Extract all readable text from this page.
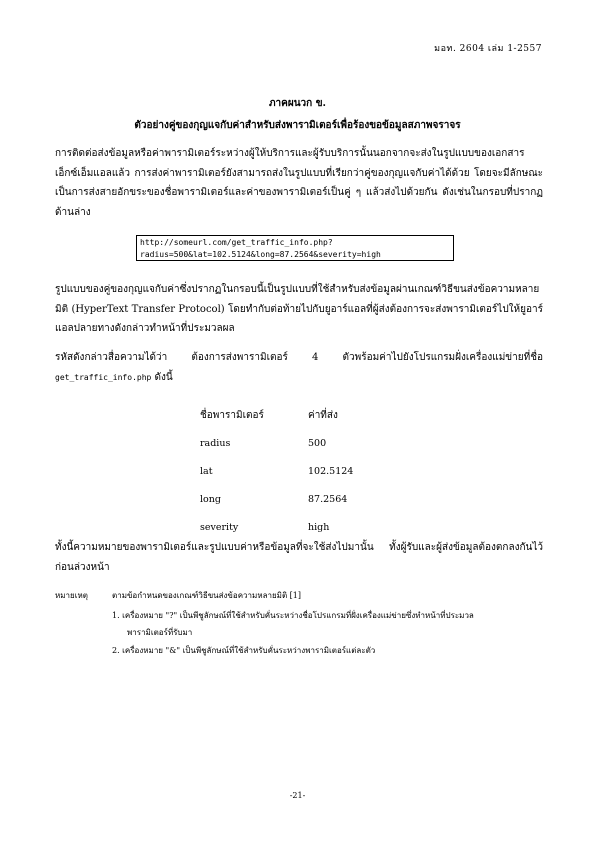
มอท. 2604 เล่ม 1-2557
ภาคผนวก ข.
ตัวอย่างคู่ของกุญแจกับค่าสำหรับส่งพารามิเตอร์เพื่อร้องขอข้อมูลสภาพจราจร
การติดต่อส่งข้อมูลหรือค่าพารามิเตอร์ระหว่างผู้ให้บริการและผู้รับบริการนั้นนอกจากจะส่งในรูปแบบของเอกสารเอ็กซ์เอ็มแอลแล้ว การส่งค่าพารามิเตอร์ยังสามารถส่งในรูปแบบที่เรียกว่าคู่ของกุญแจกับค่าได้ด้วย โดยจะมีลักษณะเป็นการส่งสายอักขระของชื่อพารามิเตอร์และค่าของพารามิเตอร์เป็นคู่ ๆ แล้วส่งไปด้วยกัน ดังเช่นในกรอบที่ปรากฏด้านล่าง
http://someurl.com/get_traffic_info.php?
radius=500&lat=102.5124&long=87.2564&severity=high
รูปแบบของคู่ของกุญแจกับค่าซึ่งปรากฏในกรอบนี้เป็นรูปแบบที่ใช้สำหรับส่งข้อมูลผ่านเกณฑ์วิธีขนส่งข้อความหลายมิติ (HyperText Transfer Protocol) โดยทำกับต่อท้ายไปกับยูอาร์แอลที่ผู้ส่งต้องการจะส่งพารามิเตอร์ไปให้ยูอาร์แอลปลายทางดังกล่าวทำหน้าที่ประมวลผล
รหัสดังกล่าวสื่อความได้ว่า ต้องการส่งพารามิเตอร์ 4 ตัวพร้อมค่าไปยังโปรแกรมฝั่งเครื่องแม่ข่ายที่ชื่อ get_traffic_info.php ดังนี้
ชื่อพารามิเตอร์	ค่าที่ส่ง
radius	500
lat	102.5124
long	87.2564
severity	high
ทั้งนี้ความหมายของพารามิเตอร์และรูปแบบค่าหรือข้อมูลที่จะใช้ส่งไปมานั้น ทั้งผู้รับและผู้ส่งข้อมูลต้องตกลงกันไว้ก่อนล่วงหน้า
หมายเหตุ	ตามข้อกำหนดของเกณฑ์วิธีขนส่งข้อความหลายมิติ [1]
1. เครื่องหมาย "?" เป็นพีชูลักษณ์ที่ใช้สำหรับคั่นระหว่างชื่อโปรแกรมที่ฝั่งเครื่องแม่ข่ายซึ่งทำหน้าที่ประมวล
พารามิเตอร์ที่รับมา
2. เครื่องหมาย "&" เป็นพีชูลักษณ์ที่ใช้สำหรับคั่นระหว่างพารามิเตอร์แต่ละตัว
-21-
